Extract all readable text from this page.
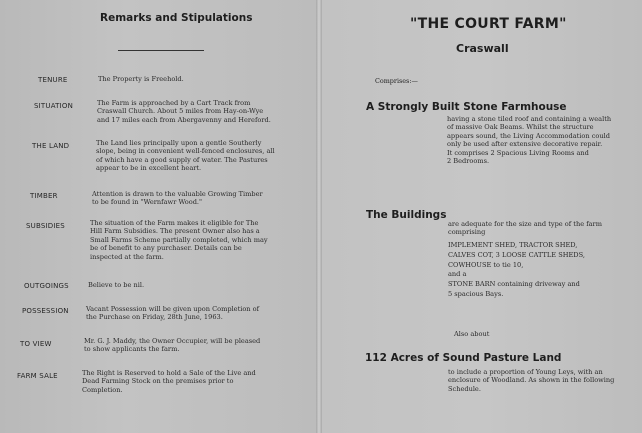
Remarks and Stipulations
TENURE	The Property is Freehold.
SITUATION	The Farm is approached by a Cart Track from
Craswall Church. About 5 miles from Hay-on-Wye
and 17 miles each from Abergavenny and Hereford.
THE LAND	The Land lies principally upon a gentle Southerly
slope, being in convenient well-fenced enclosures, all
of which have a good supply of water. The Pastures
appear to be in excellent heart.
TIMBER	Attention is drawn to the valuable Growing Timber
to be found in "Wernfawr Wood."
SUBSIDIES	The situation of the Farm makes it eligible for The
Hill Farm Subsidies. The present Owner also has a
Small Farms Scheme partially completed, which may
be of benefit to any purchaser. Details can be
inspected at the farm.
OUTGOINGS	Believe to be nil.
POSSESSION	Vacant Possession will be given upon Completion of
the Purchase on Friday, 28th June, 1963.
TO VIEW	Mr. G. J. Maddy, the Owner Occupier, will be pleased
to show applicants the farm.
FARM SALE	The Right is Reserved to hold a Sale of the Live and
Dead Farming Stock on the premises prior to
Completion.
"THE COURT FARM"
Craswall
Comprises:—
A Strongly Built Stone Farmhouse
having a stone tiled roof and containing a wealth
of massive Oak Beams. Whilst the structure
appears sound, the Living Accommodation could
only be used after extensive decorative repair.
It comprises 2 Spacious Living Rooms and
2 Bedrooms.
The Buildings
are adequate for the size and type of the farm
comprising
IMPLEMENT SHED, TRACTOR SHED,
CALVES COT, 3 LOOSE CATTLE SHEDS,
COWHOUSE to tie 10,
and a
STONE BARN containing driveway and
5 spacious Bays.
Also about
112 Acres of Sound Pasture Land
to include a proportion of Young Leys, with an
enclosure of Woodland. As shown in the following
Schedule.
